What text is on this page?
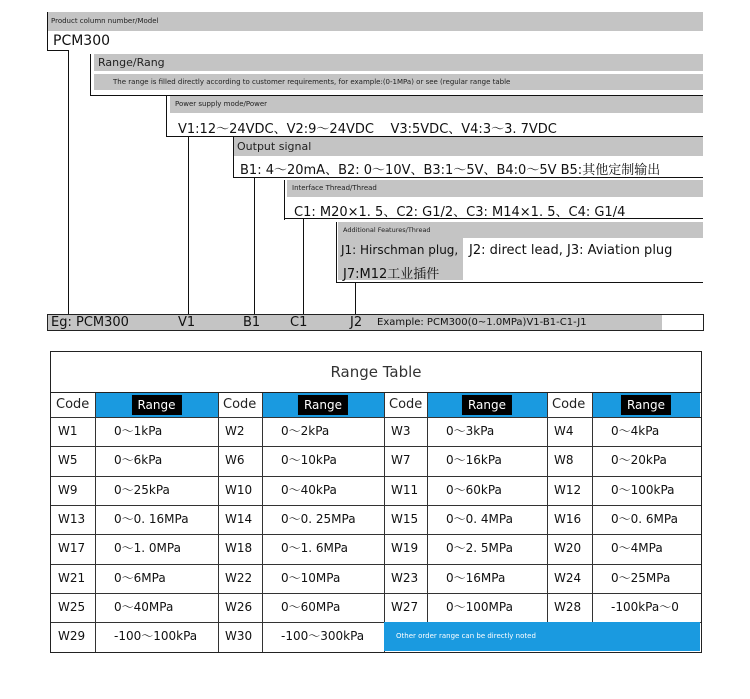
Product column number/Model
PCM300
Range/Rang
The range is filled directly according to customer requirements, for example:(0-1MPa) or see (regular range table
Power supply mode/Power
V1:12～24VDC、V2:9～24VDC    V3:5VDC、V4:3～3. 7VDC
Output signal
B1: 4～20mA、B2: 0～10V、B3:1～5V、B4:0～5V B5:其他定制输出
Interface Thread/Thread
C1: M20×1. 5、C2: G1/2、C3: M14×1. 5、C4: G1/4
Additional Features/Thread
J1: Hirschman plug, J2: direct lead, J3: Aviation plug
J7:M12工业插件
Eg: PCM300	V1	B1 C1	J2 Example: PCM300(0~1.0MPa)V1-B1-C1-J1
Range Table
Code	Range	Code	Range	Code	Range	Code	Range
W1	0～1kPa	W2	0～2kPa	W3	0～3kPa	W4	0～4kPa
W5	0～6kPa	W6	0～10kPa	W7	0～16kPa	W8	0～20kPa
W9	0～25kPa	W10 0～40kPa	W11 0～60kPa	W12 0～100kPa
W13 0～0. 16MPa	W14 0～0. 25MPa	W15 0～0. 4MPa	W16 0～0. 6MPa
W17 0～1. 0MPa	W18 0～1. 6MPa	W19 0～2. 5MPa	W20 0～4MPa
W21 0～6MPa	W22 0～10MPa	W23 0～16MPa	W24 0～25MPa
W25 0～40MPa	W26 0～60MPa	W27 0～100MPa	W28 -100kPa～0
W29 -100～100kPa W30 -100～300kPa	Other order range can be directly noted
